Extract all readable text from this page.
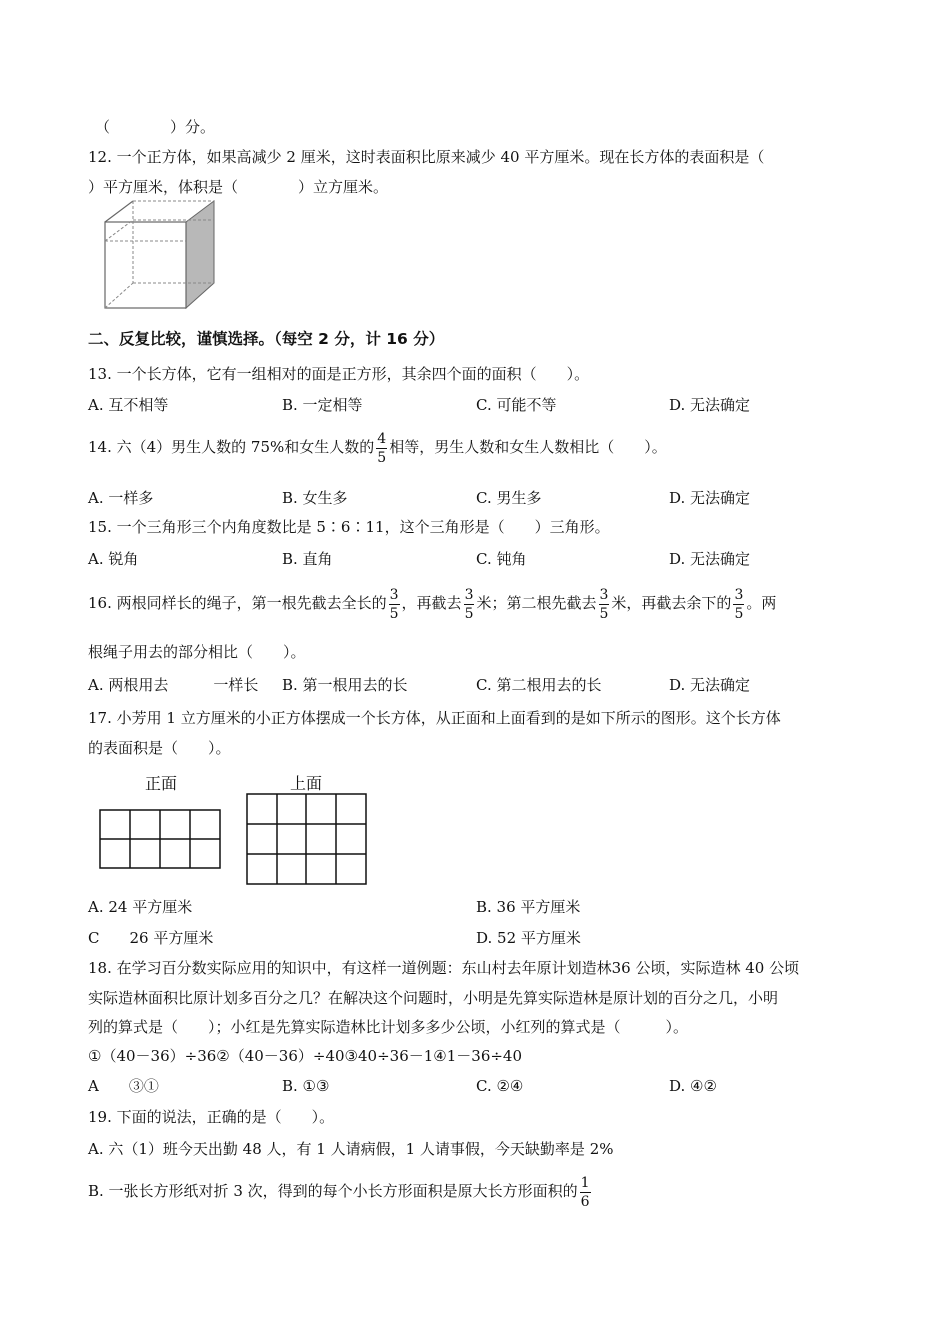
（　　　　）分。
12. 一个正方体，如果高减少 2 厘米，这时表面积比原来减少 40 平方厘米。现在长方体的表面积是（
）平方厘米，体积是（　　　　）立方厘米。
二、反复比较，谨慎选择。（每空 2 分，计 16 分）
13. 一个长方体，它有一组相对的面是正方形，其余四个面的面积（　　）。
A. 互不相等	B. 一定相等	C. 可能不等	D. 无法确定
14. 六（4）男生人数的 75%和女生人数的 $\frac{4}{5}$ 相等，男生人数和女生人数相比（　　）。
A. 一样多	B. 女生多	C. 男生多	D. 无法确定
15. 一个三角形三个内角度数比是 5∶6∶11，这个三角形是（　　）三角形。
A. 锐角	B. 直角	C. 钝角	D. 无法确定
16. 两根同样长的绳子，第一根先截去全长的 $\frac{3}{5}$ ，再截去 $\frac{3}{5}$ 米；第二根先截去 $\frac{3}{5}$ 米，再截去余下的 $\frac{3}{5}$ 。两
根绳子用去的部分相比（　　）。
A. 两根用去　　　一样长 B. 第一根用去的长	C. 第二根用去的长	D. 无法确定
17. 小芳用 1 立方厘米的小正方体摆成一个长方体，从正面和上面看到的是如下所示的图形。这个长方体
的表面积是（　　）。
正面	上面
A. 24 平方厘米	B. 36 平方厘米
C　　26 平方厘米	D. 52 平方厘米
18. 在学习百分数实际应用的知识中，有这样一道例题：东山村去年原计划造林36 公顷，实际造林 40 公顷
实际造林面积比原计划多百分之几？在解决这个问题时，小明是先算实际造林是原计划的百分之几，小明
列的算式是（　　）；小红是先算实际造林比计划多多少公顷，小红列的算式是（　　　）。
①（40－36）÷36②（40－36）÷40③40÷36－1④1－36÷40
A　　③①	B. ①③	C. ②④	D. ④②
19. 下面的说法，正确的是（　　）。
A. 六（1）班今天出勤 48 人，有 1 人请病假，1 人请事假，今天缺勤率是 2%
B. 一张长方形纸对折 3 次，得到的每个小长方形面积是原大长方形面积的 $\frac{1}{6}$
